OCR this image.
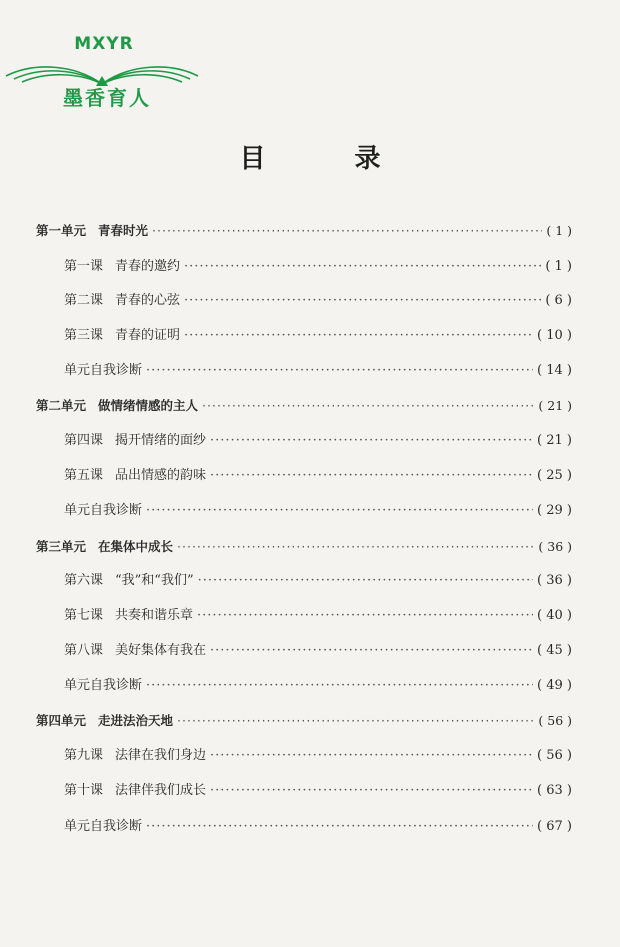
MXYR
墨香育人
目 录
第一单元 青春时光 ·····	( 1 )
第一课 青春的邀约 ·····	( 1 )
第二课 青春的心弦 ·····	( 6 )
第三课 青春的证明 ·····	( 10 )
单元自我诊断 ·····	( 14 )
第二单元 做情绪情感的主人 ·····	( 21 )
第四课 揭开情绪的面纱 ·····	( 21 )
第五课 品出情感的韵味 ·····	( 25 )
单元自我诊断 ·····	( 29 )
第三单元 在集体中成长 ·····	( 36 )
第六课 “我”和“我们” ·····	( 36 )
第七课 共奏和谐乐章 ·····	( 40 )
第八课 美好集体有我在 ·····	( 45 )
单元自我诊断 ·····	( 49 )
第四单元 走进法治天地 ·····	( 56 )
第九课 法律在我们身边 ·····	( 56 )
第十课 法律伴我们成长 ·····	( 63 )
单元自我诊断 ·····	( 67 )
